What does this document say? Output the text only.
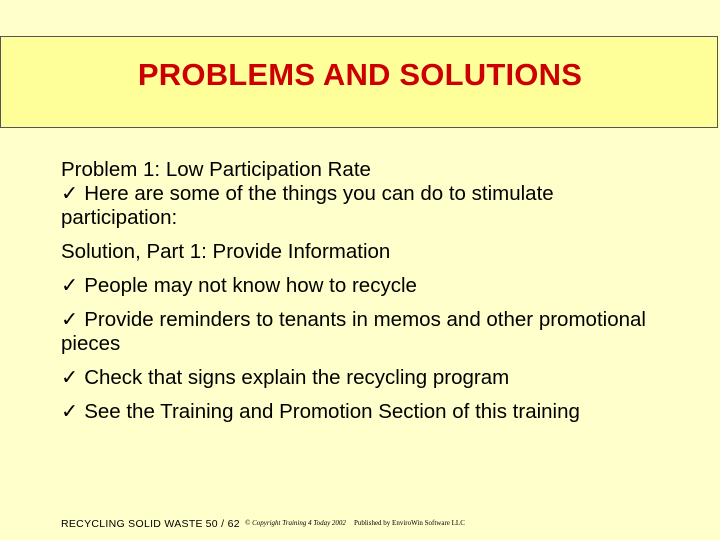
PROBLEMS AND SOLUTIONS

Problem 1: Low Participation Rate

✓ Here are some of the things you can do to stimulate participation:

Solution, Part 1: Provide Information

✓ People may not know how to recycle

✓ Provide reminders to tenants in memos and other promotional pieces

✓ Check that signs explain the recycling program

✓ See the Training and Promotion Section of this training

RECYCLING SOLID WASTE 50 / 62 © Copyright Training 4 Today 2002 Published by EnviroWin Software LLC
